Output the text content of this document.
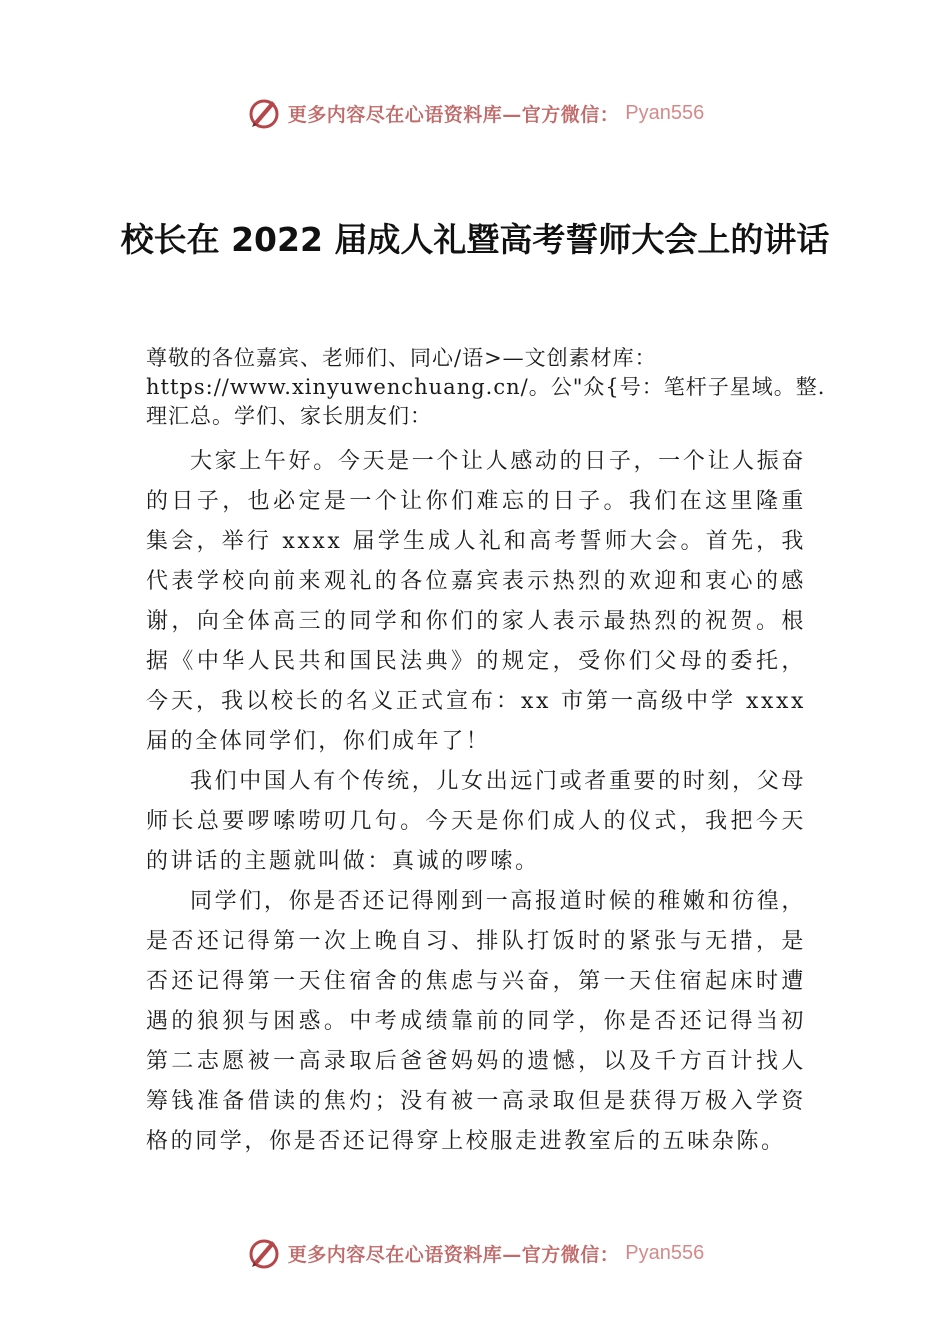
更多内容尽在心语资料库—官方微信： Pyan556
校长在 2022 届成人礼暨高考誓师大会上的讲话

尊敬的各位嘉宾、老师们、同心/语>—文创素材库：https://www.xinyuwenchuang.cn/。公"众{号：笔杆子星域。整.理汇总。学们、家长朋友们：

大家上午好。今天是一个让人感动的日子，一个让人振奋的日子，也必定是一个让你们难忘的日子。我们在这里隆重集会，举行 xxxx 届学生成人礼和高考誓师大会。首先，我代表学校向前来观礼的各位嘉宾表示热烈的欢迎和衷心的感谢，向全体高三的同学和你们的家人表示最热烈的祝贺。根据《中华人民共和国民法典》的规定，受你们父母的委托，今天，我以校长的名义正式宣布：xx 市第一高级中学 xxxx 届的全体同学们，你们成年了！

我们中国人有个传统，儿女出远门或者重要的时刻，父母师长总要啰嗦唠叨几句。今天是你们成人的仪式，我把今天的讲话的主题就叫做：真诚的啰嗦。

同学们，你是否还记得刚到一高报道时候的稚嫩和彷徨，是否还记得第一次上晚自习、排队打饭时的紧张与无措，是否还记得第一天住宿舍的焦虑与兴奋，第一天住宿起床时遭遇的狼狈与困惑。中考成绩靠前的同学，你是否还记得当初第二志愿被一高录取后爸爸妈妈的遗憾，以及千方百计找人筹钱准备借读的焦灼；没有被一高录取但是获得万极入学资格的同学，你是否还记得穿上校服走进教室后的五味杂陈。

更多内容尽在心语资料库—官方微信： Pyan556
